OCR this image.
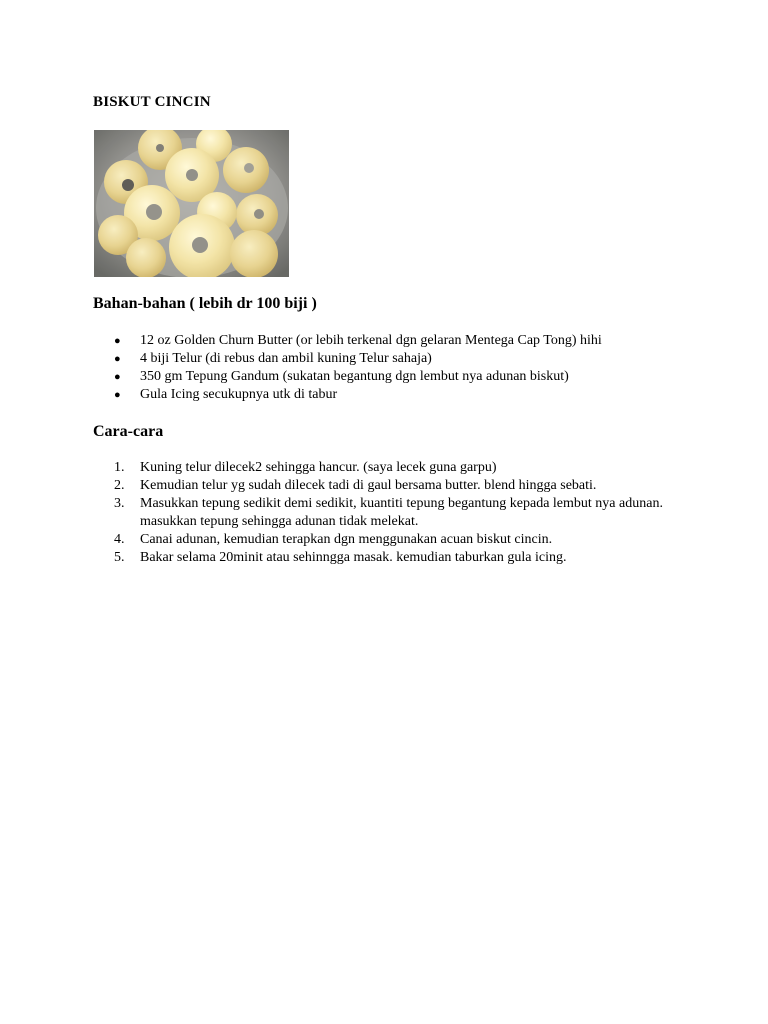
BISKUT CINCIN
Bahan-bahan ( lebih dr 100 biji )
● 12 oz Golden Churn Butter (or lebih terkenal dgn gelaran Mentega Cap Tong) hihi
● 4 biji Telur (di rebus dan ambil kuning Telur sahaja)
● 350 gm Tepung Gandum (sukatan begantung dgn lembut nya adunan biskut)
● Gula Icing secukupnya utk di tabur
Cara-cara
1. Kuning telur dilecek2 sehingga hancur. (saya lecek guna garpu)
2. Kemudian telur yg sudah dilecek tadi di gaul bersama butter. blend hingga sebati.
3. Masukkan tepung sedikit demi sedikit, kuantiti tepung begantung kepada lembut nya adunan. masukkan tepung sehingga adunan tidak melekat.
4. Canai adunan, kemudian terapkan dgn menggunakan acuan biskut cincin.
5. Bakar selama 20minit atau sehinngga masak. kemudian taburkan gula icing.
